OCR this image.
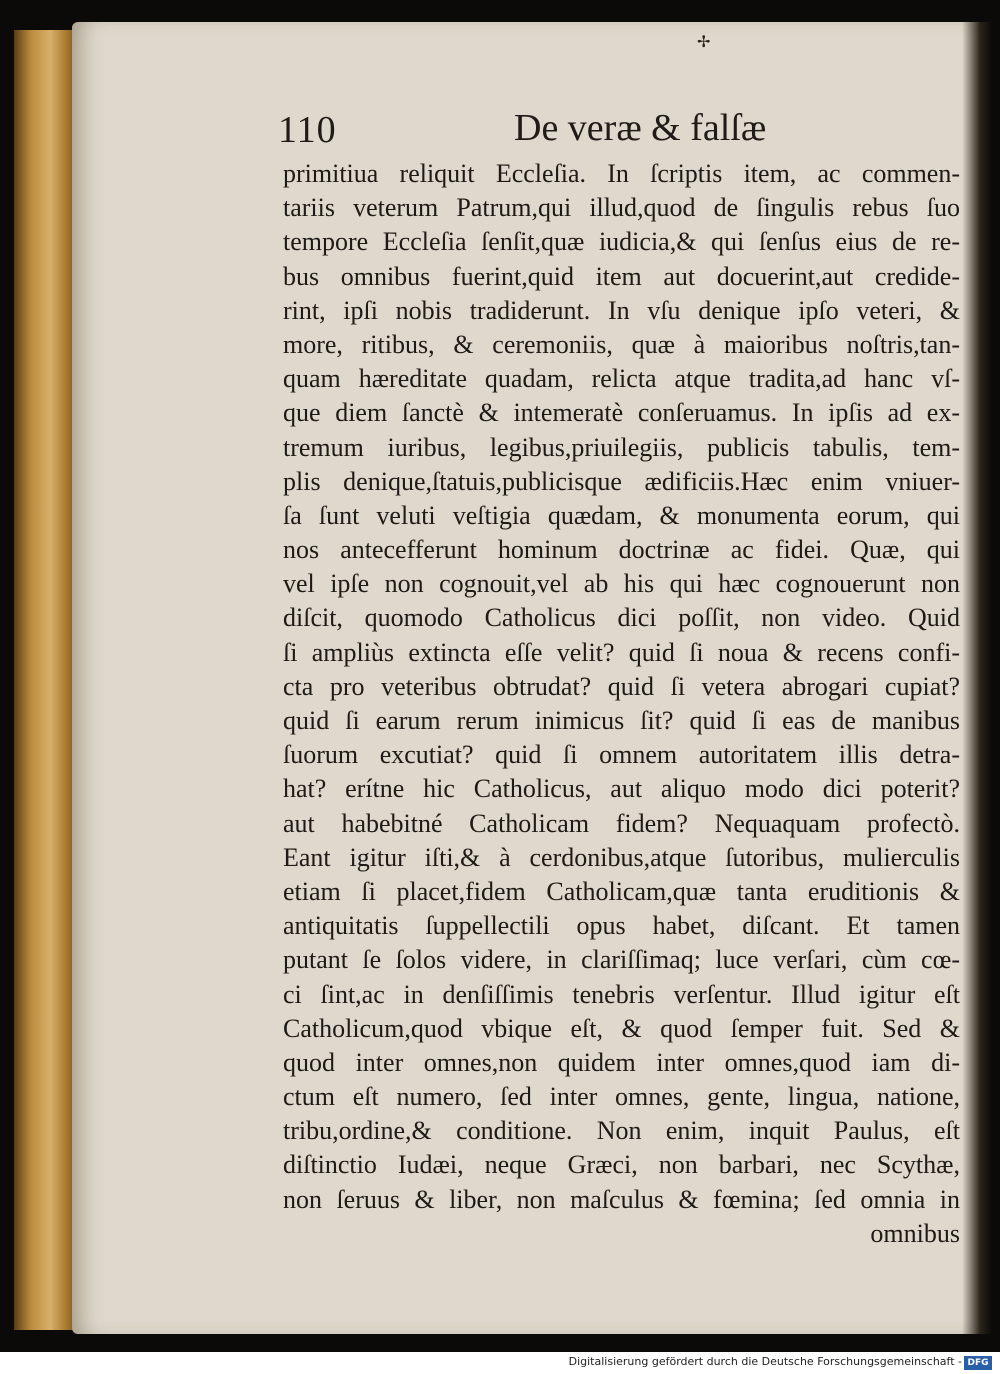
✢
110	De veræ & falſæ
primitiua reliquit Eccleſia. In ſcriptis item, ac commen-
tariis veterum Patrum,qui illud,quod de ſingulis rebus ſuo
tempore Eccleſia ſenſit,quæ iudicia,& qui ſenſus eius de re-
bus omnibus fuerint,quid item aut docuerint,aut credide-
rint, ipſi nobis tradiderunt. In vſu denique ipſo veteri, &
more, ritibus, & ceremoniis, quæ à maioribus noſtris,tan-
quam hæreditate quadam, relicta atque tradita,ad hanc vſ-
que diem ſanctè & intemeratè conſeruamus. In ipſis ad ex-
tremum iuribus, legibus,priuilegiis, publicis tabulis, tem-
plis denique,ſtatuis,publicisque ædificiis.Hæc enim vniuer-
ſa ſunt veluti veſtigia quædam, & monumenta eorum, qui
nos antecefferunt hominum doctrinæ ac fidei. Quæ, qui
vel ipſe non cognouit,vel ab his qui hæc cognouerunt non
diſcit, quomodo Catholicus dici poſſit, non video. Quid
ſi ampliùs extincta eſſe velit? quid ſi noua & recens confi-
cta pro veteribus obtrudat? quid ſi vetera abrogari cupiat?
quid ſi earum rerum inimicus ſit? quid ſi eas de manibus
ſuorum excutiat? quid ſi omnem autoritatem illis detra-
hat? erítne hic Catholicus, aut aliquo modo dici poterit?
aut habebitné Catholicam fidem? Nequaquam profectò.
Eant igitur iſti,& à cerdonibus,atque ſutoribus, mulierculis
etiam ſi placet,fidem Catholicam,quæ tanta eruditionis &
antiquitatis ſuppellectili opus habet, diſcant. Et tamen
putant ſe ſolos videre, in clariſſimaq; luce verſari, cùm cœ-
ci ſint,ac in denſiſſimis tenebris verſentur. Illud igitur eſt
Catholicum,quod vbique eſt, & quod ſemper fuit. Sed &
quod inter omnes,non quidem inter omnes,quod iam di-
ctum eſt numero, ſed inter omnes, gente, lingua, natione,
tribu,ordine,& conditione. Non enim, inquit Paulus, eſt
diſtinctio Iudæi, neque Græci, non barbari, nec Scythæ,
non ſeruus & liber, non maſculus & fœmina; ſed omnia in
omnibus
Digitalisierung gefördert durch die Deutsche Forschungsgemeinschaft - DFG
